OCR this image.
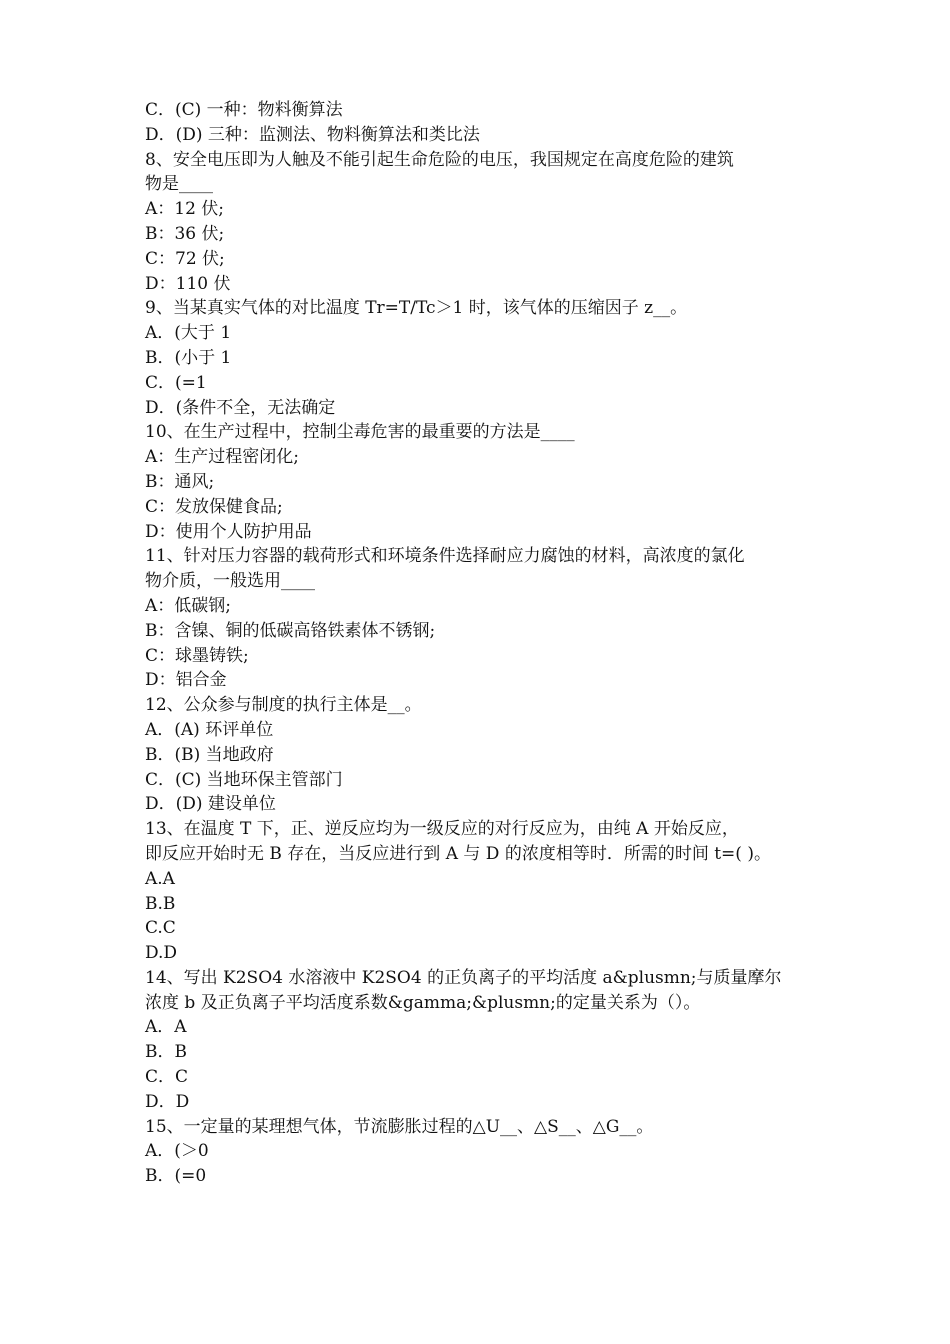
C．(C) 一种：物料衡算法
D．(D) 三种：监测法、物料衡算法和类比法
8、安全电压即为人触及不能引起生命危险的电压，我国规定在高度危险的建筑
物是____
A：12 伏;
B：36 伏;
C：72 伏;
D：110 伏
9、当某真实气体的对比温度 Tr=T/Tc＞1 时，该气体的压缩因子 z__。
A．(大于 1
B．(小于 1
C．(=1
D．(条件不全，无法确定
10、在生产过程中，控制尘毒危害的最重要的方法是____
A：生产过程密闭化;
B：通风;
C：发放保健食品;
D：使用个人防护用品
11、针对压力容器的载荷形式和环境条件选择耐应力腐蚀的材料，高浓度的氯化
物介质，一般选用____
A：低碳钢;
B：含镍、铜的低碳高铬铁素体不锈钢;
C：球墨铸铁;
D：铝合金
12、公众参与制度的执行主体是__。
A．(A) 环评单位
B．(B) 当地政府
C．(C) 当地环保主管部门
D．(D) 建设单位
13、在温度 T 下，正、逆反应均为一级反应的对行反应为，由纯 A 开始反应，
即反应开始时无 B 存在，当反应进行到 A 与 D 的浓度相等时．所需的时间 t=( )。
A.A
B.B
C.C
D.D
14、写出 K2SO4 水溶液中 K2SO4 的正负离子的平均活度 a&plusmn;与质量摩尔
浓度 b 及正负离子平均活度系数&gamma;&plusmn;的定量关系为（）。
A．A
B．B
C．C
D．D
15、一定量的某理想气体，节流膨胀过程的△U__、△S__、△G__。
A．(＞0
B．(=0
